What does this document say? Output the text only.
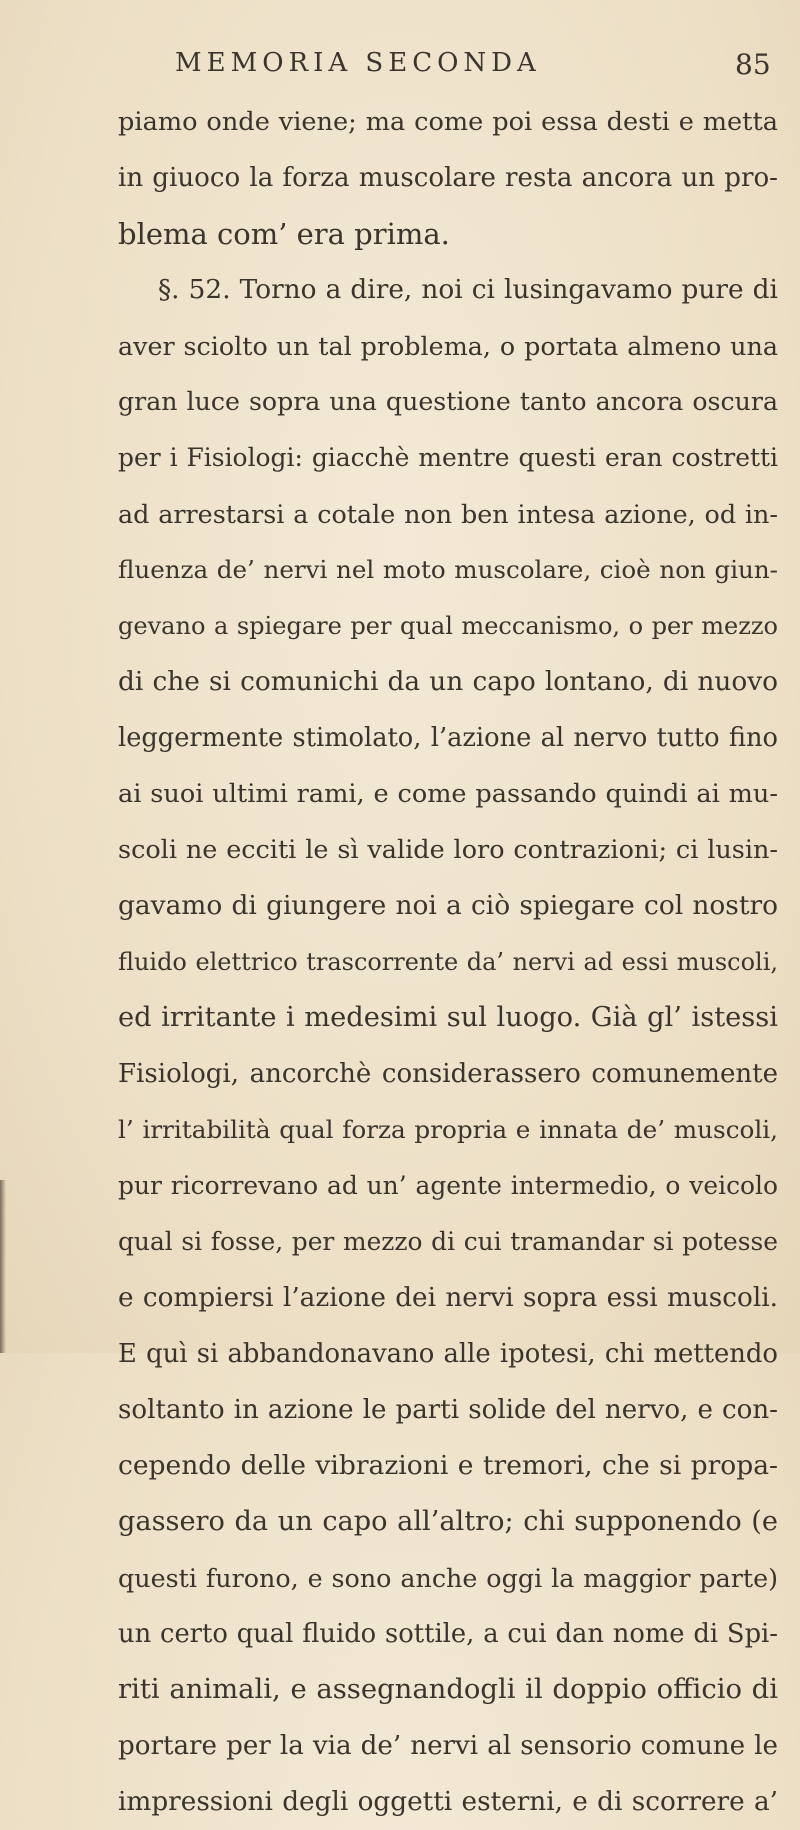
MEMORIA SECONDA	85
piamo onde viene; ma come poi essa desti e metta
in giuoco la forza muscolare resta ancora un pro-
blema com’ era prima.
§. 52. Torno a dire, noi ci lusingavamo pure di
aver sciolto un tal problema, o portata almeno una
gran luce sopra una questione tanto ancora oscura
per i Fisiologi: giacchè mentre questi eran costretti
ad arrestarsi a cotale non ben intesa azione, od in-
fluenza de’ nervi nel moto muscolare, cioè non giun-
gevano a spiegare per qual meccanismo, o per mezzo
di che si comunichi da un capo lontano, di nuovo
leggermente stimolato, l’azione al nervo tutto fino
ai suoi ultimi rami, e come passando quindi ai mu-
scoli ne ecciti le sì valide loro contrazioni; ci lusin-
gavamo di giungere noi a ciò spiegare col nostro
fluido elettrico trascorrente da’ nervi ad essi muscoli,
ed irritante i medesimi sul luogo. Già gl’ istessi
Fisiologi, ancorchè considerassero comunemente
l’ irritabilità qual forza propria e innata de’ muscoli,
pur ricorrevano ad un’ agente intermedio, o veicolo
qual si fosse, per mezzo di cui tramandar si potesse
e compiersi l’azione dei nervi sopra essi muscoli.
E quì si abbandonavano alle ipotesi, chi mettendo
soltanto in azione le parti solide del nervo, e con-
cependo delle vibrazioni e tremori, che si propa-
gassero da un capo all’altro; chi supponendo (e
questi furono, e sono anche oggi la maggior parte)
un certo qual fluido sottile, a cui dan nome di Spi-
riti animali, e assegnandogli il doppio officio di
portare per la via de’ nervi al sensorio comune le
impressioni degli oggetti esterni, e di scorrere a’
